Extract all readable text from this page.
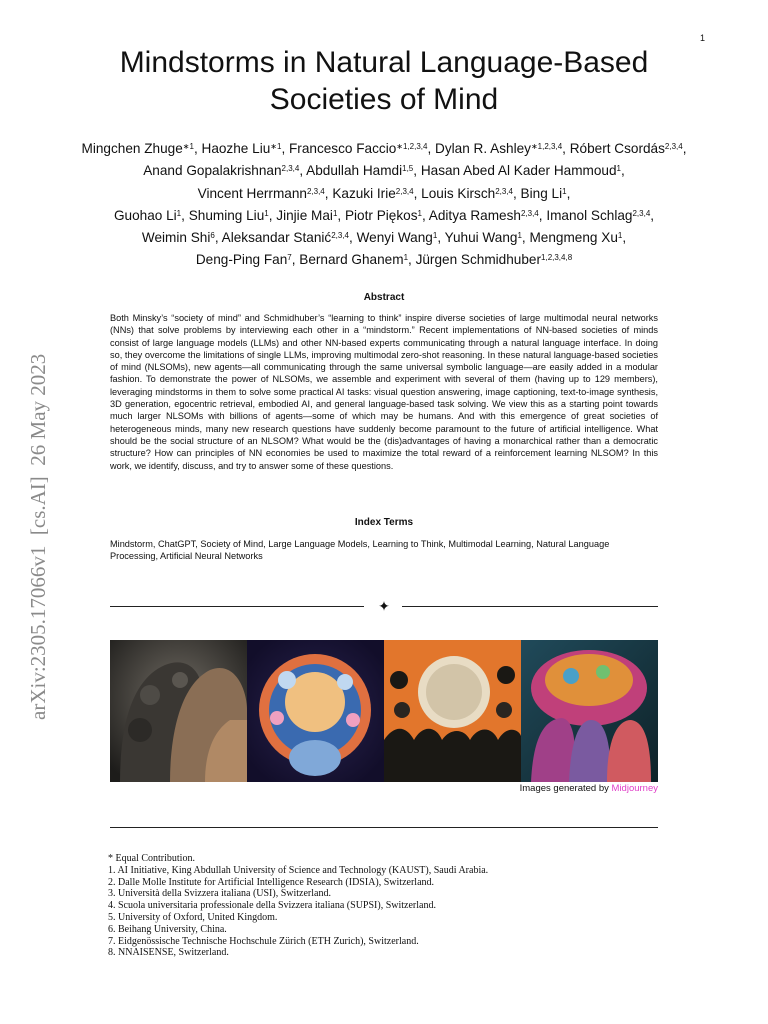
1
arXiv:2305.17066v1  [cs.AI]  26 May 2023
Mindstorms in Natural Language-Based Societies of Mind
Mingchen Zhuge$^{∗1}$, Haozhe Liu$^{∗1}$, Francesco Faccio$^{∗1,2,3,4}$, Dylan R. Ashley$^{∗1,2,3,4}$, Róbert Csordás$^{2,3,4}$,
Anand Gopalakrishnan$^{2,3,4}$, Abdullah Hamdi$^{1,5}$, Hasan Abed Al Kader Hammoud$^1$,
Vincent Herrmann$^{2,3,4}$, Kazuki Irie$^{2,3,4}$, Louis Kirsch$^{2,3,4}$, Bing Li$^1$,
Guohao Li$^1$, Shuming Liu$^1$, Jinjie Mai$^1$, Piotr Piękos$^1$, Aditya Ramesh$^{2,3,4}$, Imanol Schlag$^{2,3,4}$,
Weimin Shi$^6$, Aleksandar Stanić$^{2,3,4}$, Wenyi Wang$^1$, Yuhui Wang$^1$, Mengmeng Xu$^1$,
Deng-Ping Fan$^7$, Bernard Ghanem$^1$, Jürgen Schmidhuber$^{1,2,3,4,8}$
Abstract

Both Minsky’s “society of mind” and Schmidhuber’s “learning to think” inspire diverse societies of large multimodal neural networks (NNs) that solve problems by interviewing each other in a “mindstorm.” Recent implementations of NN-based societies of minds consist of large language models (LLMs) and other NN-based experts communicating through a natural language interface. In doing so, they overcome the limitations of single LLMs, improving multimodal zero-shot reasoning. In these natural language-based societies of mind (NLSOMs), new agents—all communicating through the same universal symbolic language—are easily added in a modular fashion. To demonstrate the power of NLSOMs, we assemble and experiment with several of them (having up to 129 members), leveraging mindstorms in them to solve some practical AI tasks: visual question answering, image captioning, text-to-image synthesis, 3D generation, egocentric retrieval, embodied AI, and general language-based task solving. We view this as a starting point towards much larger NLSOMs with billions of agents—some of which may be humans. And with this emergence of great societies of heterogeneous minds, many new research questions have suddenly become paramount to the future of artificial intelligence. What should be the social structure of an NLSOM? What would be the (dis)advantages of having a monarchical rather than a democratic structure? How can principles of NN economies be used to maximize the total reward of a reinforcement learning NLSOM? In this work, we identify, discuss, and try to answer some of these questions.

Index Terms

Mindstorm, ChatGPT, Society of Mind, Large Language Models, Learning to Think, Multimodal Learning, Natural Language Processing, Artificial Neural Networks

✦
Images generated by Midjourney
* Equal Contribution.
1. AI Initiative, King Abdullah University of Science and Technology (KAUST), Saudi Arabia.
2. Dalle Molle Institute for Artificial Intelligence Research (IDSIA), Switzerland.
3. Università della Svizzera italiana (USI), Switzerland.
4. Scuola universitaria professionale della Svizzera italiana (SUPSI), Switzerland.
5. University of Oxford, United Kingdom.
6. Beihang University, China.
7. Eidgenössische Technische Hochschule Zürich (ETH Zurich), Switzerland.
8. NNAISENSE, Switzerland.
